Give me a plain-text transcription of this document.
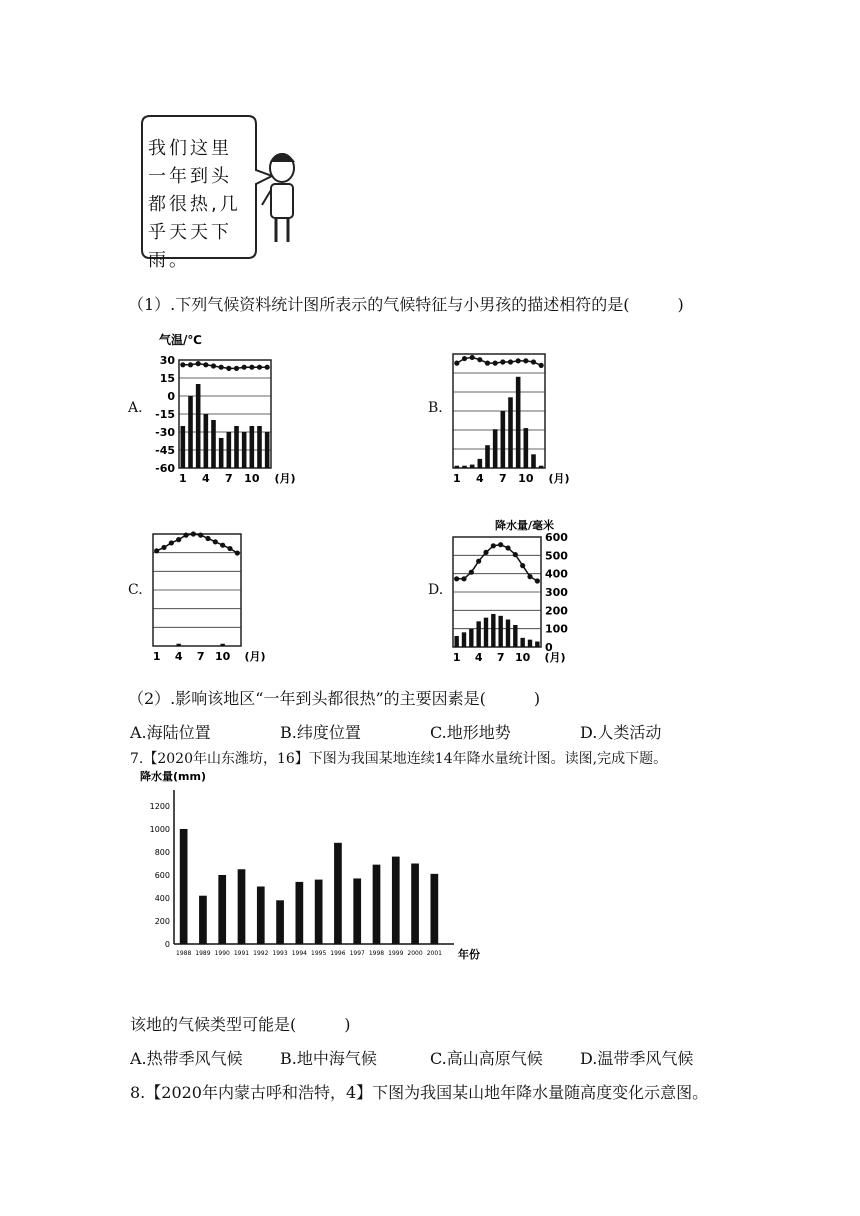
我们这里
一年到头
都很热,几
乎天天下
雨。
（1）.下列气候资料统计图所表示的气候特征与小男孩的描述相符的是(　　　)
A.	B.
C.	D.
1 4 7 10 (月)
气温/℃
30
15
0
-15
-30
-45
-60
1 4 7 10 (月)
1 4 7 10 (月)	1 4 7 10 (月)
降水量/毫米
600
500
400
300
200
100
0
（2）.影响该地区“一年到头都很热”的主要因素是(　　　)
A.海陆位置	B.纬度位置	C.地形地势	D.人类活动
7.【2020年山东潍坊，16】下图为我国某地连续14年降水量统计图。读图,完成下题。
降水量(mm)
1200
1000
800
600
400
200
0
1988 1989 1990 1991 1992 1993 1994 1995 1996 1997 1998 1999 2000 2001 年份
该地的气候类型可能是(　　　)
A.热带季风气候 B.地中海气候	C.高山高原气候 D.温带季风气候
8.【2020年内蒙古呼和浩特，4】下图为我国某山地年降水量随高度变化示意图。
